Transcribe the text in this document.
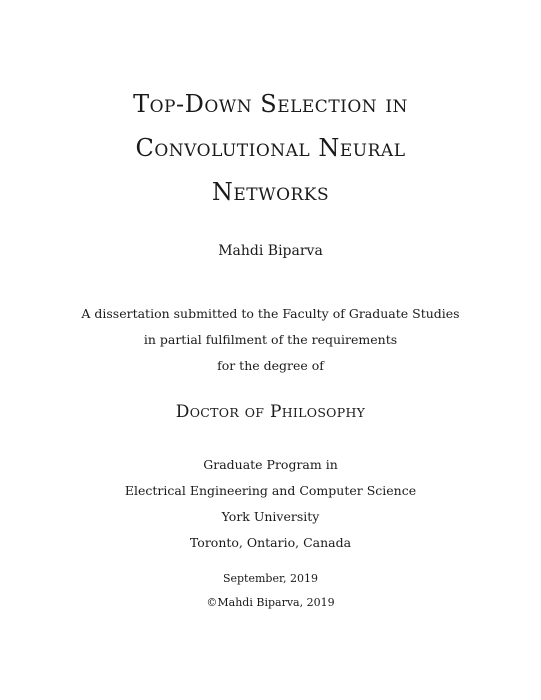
TOP-DOWN SELECTION IN
CONVOLUTIONAL NEURAL
NETWORKS
Mahdi Biparva
A dissertation submitted to the Faculty of Graduate Studies
in partial fulfilment of the requirements
for the degree of
DOCTOR OF PHILOSOPHY
Graduate Program in
Electrical Engineering and Computer Science
York University
Toronto, Ontario, Canada
September, 2019
©Mahdi Biparva, 2019
